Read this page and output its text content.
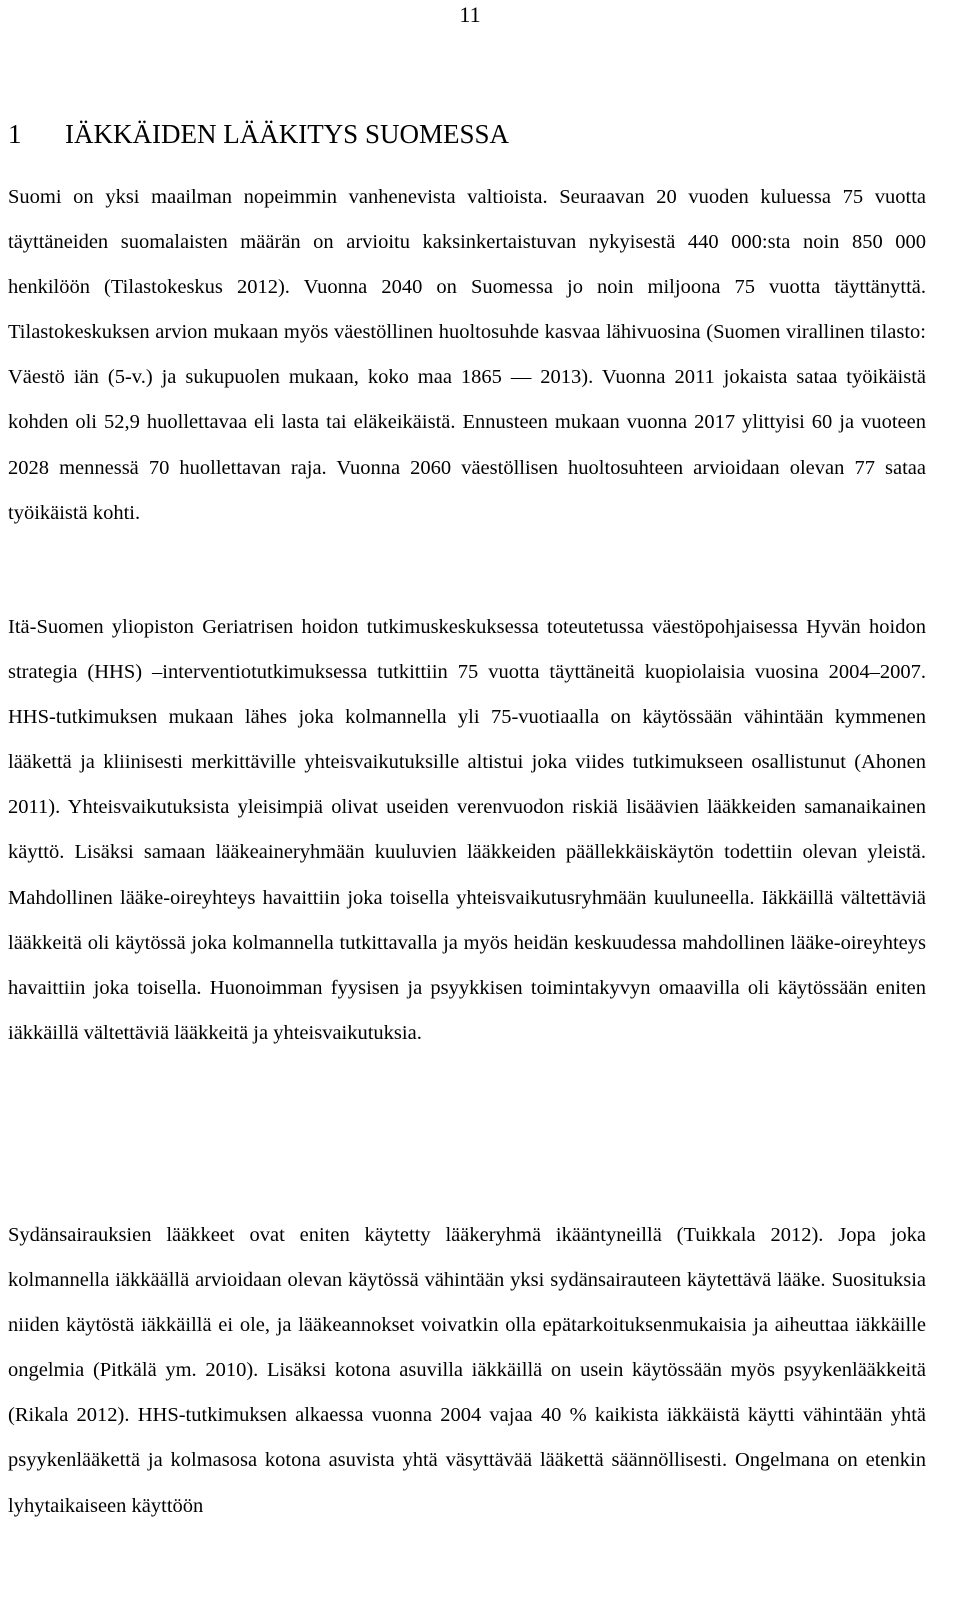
11
1 IÄKKÄIDEN LÄÄKITYS SUOMESSA

Suomi on yksi maailman nopeimmin vanhenevista valtioista. Seuraavan 20 vuoden kuluessa 75 vuotta täyttäneiden suomalaisten määrän on arvioitu kaksinkertaistuvan nykyisestä 440 000:sta noin 850 000 henkilöön (Tilastokeskus 2012). Vuonna 2040 on Suomessa jo noin miljoona 75 vuotta täyttänyttä. Tilastokeskuksen arvion mukaan myös väestöllinen huoltosuhde kasvaa lähivuosina (Suomen virallinen tilasto: Väestö iän (5-v.) ja sukupuolen mukaan, koko maa 1865 — 2013). Vuonna 2011 jokaista sataa työikäistä kohden oli 52,9 huollettavaa eli lasta tai eläkeikäistä. Ennusteen mukaan vuonna 2017 ylittyisi 60 ja vuoteen 2028 mennessä 70 huollettavan raja. Vuonna 2060 väestöllisen huoltosuhteen arvioidaan olevan 77 sataa työikäistä kohti.

Itä-Suomen yliopiston Geriatrisen hoidon tutkimuskeskuksessa toteutetussa väestöpohjaisessa Hyvän hoidon strategia (HHS) –interventiotutkimuksessa tutkittiin 75 vuotta täyttäneitä kuopiolaisia vuosina 2004–2007. HHS-tutkimuksen mukaan lähes joka kolmannella yli 75-vuotiaalla on käytössään vähintään kymmenen lääkettä ja kliinisesti merkittäville yhteisvaikutuksille altistui joka viides tutkimukseen osallistunut (Ahonen 2011). Yhteisvaikutuksista yleisimpiä olivat useiden verenvuodon riskiä lisäävien lääkkeiden samanaikainen käyttö. Lisäksi samaan lääkeaineryhmään kuuluvien lääkkeiden päällekkäiskäytön todettiin olevan yleistä. Mahdollinen lääke-oireyhteys havaittiin joka toisella yhteisvaikutusryhmään kuuluneella. Iäkkäillä vältettäviä lääkkeitä oli käytössä joka kolmannella tutkittavalla ja myös heidän keskuudessa mahdollinen lääke-oireyhteys havaittiin joka toisella. Huonoimman fyysisen ja psyykkisen toimintakyvyn omaavilla oli käytössään eniten iäkkäillä vältettäviä lääkkeitä ja yhteisvaikutuksia.

Sydänsairauksien lääkkeet ovat eniten käytetty lääkeryhmä ikääntyneillä (Tuikkala 2012). Jopa joka kolmannella iäkkäällä arvioidaan olevan käytössä vähintään yksi sydänsairauteen käytettävä lääke. Suosituksia niiden käytöstä iäkkäillä ei ole, ja lääkeannokset voivatkin olla epätarkoituksenmukaisia ja aiheuttaa iäkkäille ongelmia (Pitkälä ym. 2010). Lisäksi kotona asuvilla iäkkäillä on usein käytössään myös psyykenlääkkeitä (Rikala 2012). HHS-tutkimuksen alkaessa vuonna 2004 vajaa 40 % kaikista iäkkäistä käytti vähintään yhtä psyykenlääkettä ja kolmasosa kotona asuvista yhtä väsyttävää lääkettä säännöllisesti. Ongelmana on etenkin lyhytaikaiseen käyttöön
